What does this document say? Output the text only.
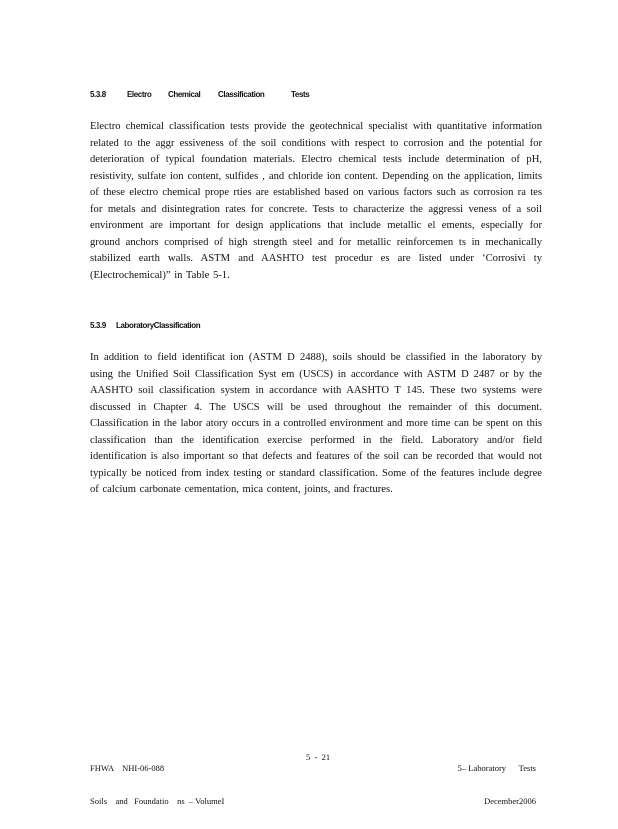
5.3.8	Electro Chemical Classification	Tests

Electro chemical classification tests provide the geotechnical specialist with quantitative information related to the aggr essiveness of the soil conditions with respect to corrosion and the potential for deterioration of typical foundation materials. Electro chemical tests include determination of pH, resistivity, sulfate ion content, sulfides , and chloride ion content. Depending on the application, limits of these electro chemical prope rties are established based on various factors such as corrosion ra tes for metals and disintegration rates for concrete. Tests to characterize the aggressi veness of a soil environment are important for design applications that include metallic el ements, especially for ground anchors comprised of high strength steel and for metallic reinforcemen ts in mechanically stabilized earth walls. ASTM and AASHTO test procedur es are listed under ‘Corrosivi ty (Electrochemical)” in Table 5-1.

5.3.9 LaboratoryClassification

In addition to field identificat ion (ASTM D 2488), soils should be classified in the laboratory by using the Unified Soil Classification Syst em (USCS) in accordance with ASTM D 2487 or by the AASHTO soil classification system in accordance with AASHTO T 145. These two systems were discussed in Chapter 4. The USCS will be used throughout the remainder of this document. Classification in the labor atory occurs in a controlled environment and more time can be spent on this classification than the identification exercise performed in the field. Laboratory and/or field identification is also important so that defects and features of the soil can be recorded that would not typically be noticed from index testing or standard classification. Some of the features include degree of calcium carbonate cementation, mica content, joints, and fractures.

FHWA    NHI-06-088

Soils    and   Foundatio    ns  – VolumeI

5  -  21

5– Laboratory      Tests

December2006
